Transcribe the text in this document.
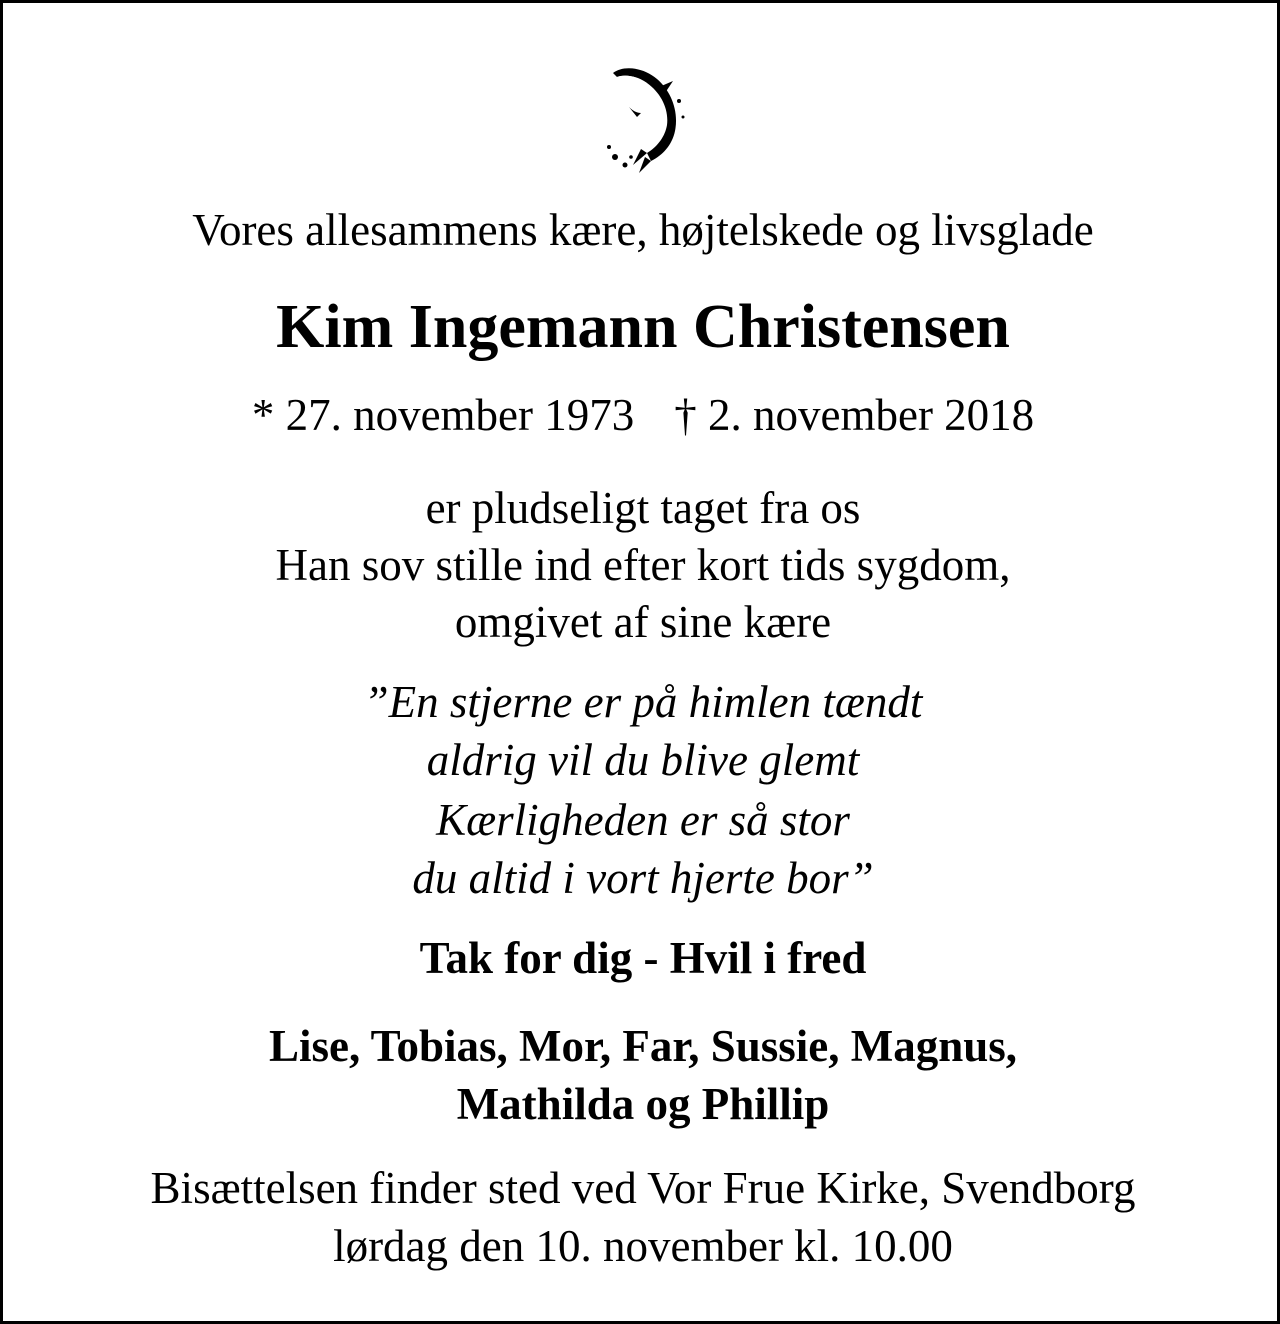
Vores allesammens kære, højtelskede og livsglade
Kim Ingemann Christensen
* 27. november 1973 † 2. november 2018
er pludseligt taget fra os
Han sov stille ind efter kort tids sygdom,
omgivet af sine kære
”En stjerne er på himlen tændt
aldrig vil du blive glemt
Kærligheden er så stor
du altid i vort hjerte bor”
Tak for dig - Hvil i fred
Lise, Tobias, Mor, Far, Sussie, Magnus,
Mathilda og Phillip
Bisættelsen finder sted ved Vor Frue Kirke, Svendborg
lørdag den 10. november kl. 10.00
